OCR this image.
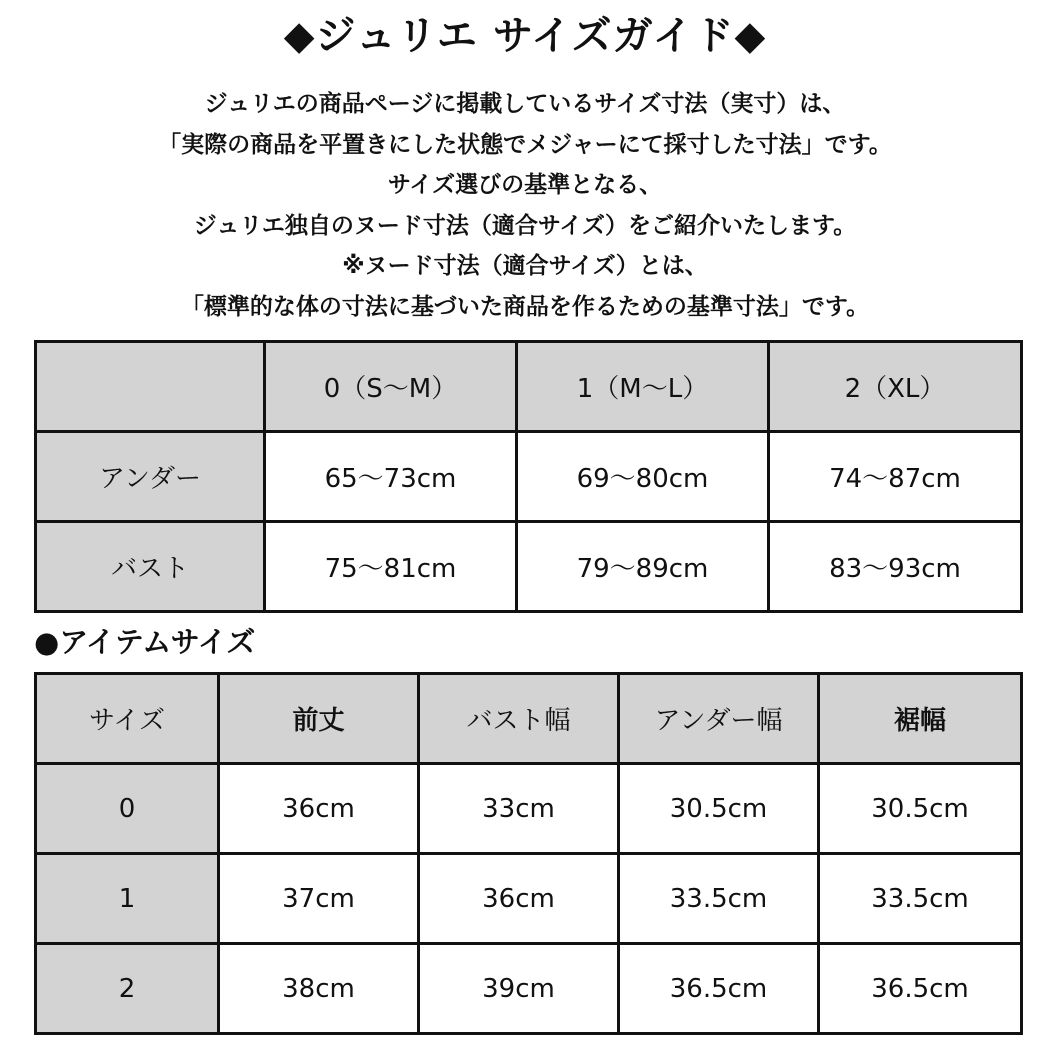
◆ジュリエ サイズガイド◆
ジュリエの商品ページに掲載しているサイズ寸法（実寸）は、
「実際の商品を平置きにした状態でメジャーにて採寸した寸法」です。
サイズ選びの基準となる、
ジュリエ独自のヌード寸法（適合サイズ）をご紹介いたします。
※ヌード寸法（適合サイズ）とは、
「標準的な体の寸法に基づいた商品を作るための基準寸法」です。
	0（S〜M）	1（M〜L）	2（XL）
アンダー	65〜73cm	69〜80cm	74〜87cm
バスト	75〜81cm	79〜89cm	83〜93cm
●アイテムサイズ
サイズ	前丈	バスト幅	アンダー幅	裾幅
0	36cm	33cm	30.5cm	30.5cm
1	37cm	36cm	33.5cm	33.5cm
2	38cm	39cm	36.5cm	36.5cm
